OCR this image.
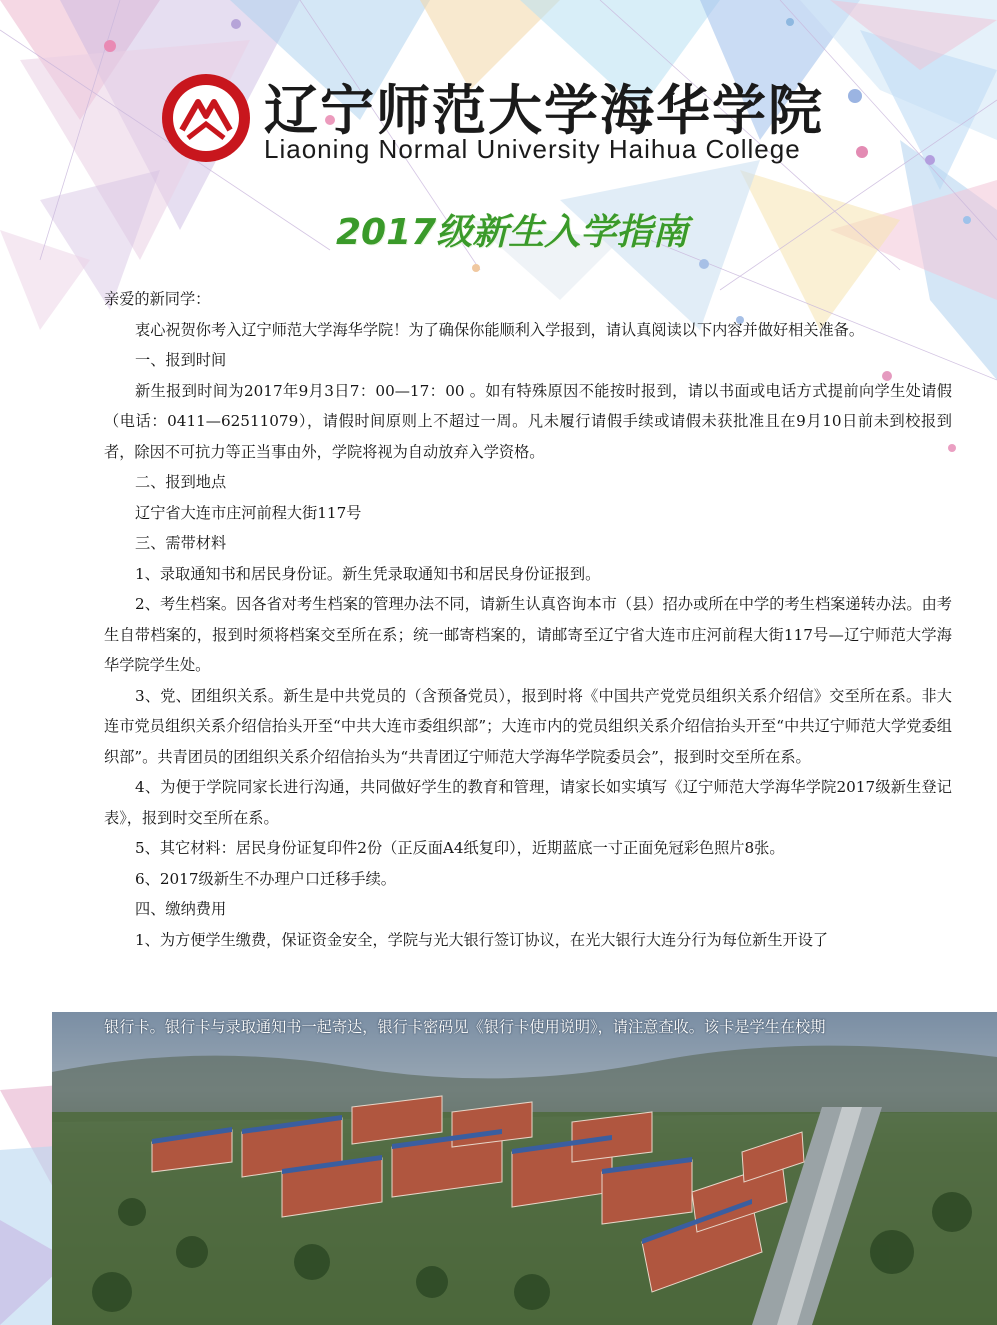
辽宁师范大学海华学院
Liaoning Normal University Haihua College
2017级新生入学指南

亲爱的新同学：

衷心祝贺你考入辽宁师范大学海华学院！为了确保你能顺利入学报到，请认真阅读以下内容并做好相关准备。

一、报到时间

新生报到时间为2017年9月3日7：00—17：00 。如有特殊原因不能按时报到，请以书面或电话方式提前向学生处请假（电话：0411—62511079），请假时间原则上不超过一周。凡未履行请假手续或请假未获批准且在9月10日前未到校报到者，除因不可抗力等正当事由外，学院将视为自动放弃入学资格。

二、报到地点

辽宁省大连市庄河前程大街117号

三、需带材料

1、录取通知书和居民身份证。新生凭录取通知书和居民身份证报到。

2、考生档案。因各省对考生档案的管理办法不同，请新生认真咨询本市（县）招办或所在中学的考生档案递转办法。由考生自带档案的，报到时须将档案交至所在系；统一邮寄档案的，请邮寄至辽宁省大连市庄河前程大街117号—辽宁师范大学海华学院学生处。

3、党、团组织关系。新生是中共党员的（含预备党员），报到时将《中国共产党党员组织关系介绍信》交至所在系。非大连市党员组织关系介绍信抬头开至“中共大连市委组织部”；大连市内的党员组织关系介绍信抬头开至“中共辽宁师范大学党委组织部”。共青团员的团组织关系介绍信抬头为“共青团辽宁师范大学海华学院委员会”，报到时交至所在系。

4、为便于学院同家长进行沟通，共同做好学生的教育和管理，请家长如实填写《辽宁师范大学海华学院2017级新生登记表》，报到时交至所在系。

5、其它材料：居民身份证复印件2份（正反面A4纸复印），近期蓝底一寸正面免冠彩色照片8张。

6、2017级新生不办理户口迁移手续。

四、缴纳费用

1、为方便学生缴费，保证资金安全，学院与光大银行签订协议，在光大银行大连分行为每位新生开设了

银行卡。银行卡与录取通知书一起寄达，银行卡密码见《银行卡使用说明》，请注意查收。该卡是学生在校期
